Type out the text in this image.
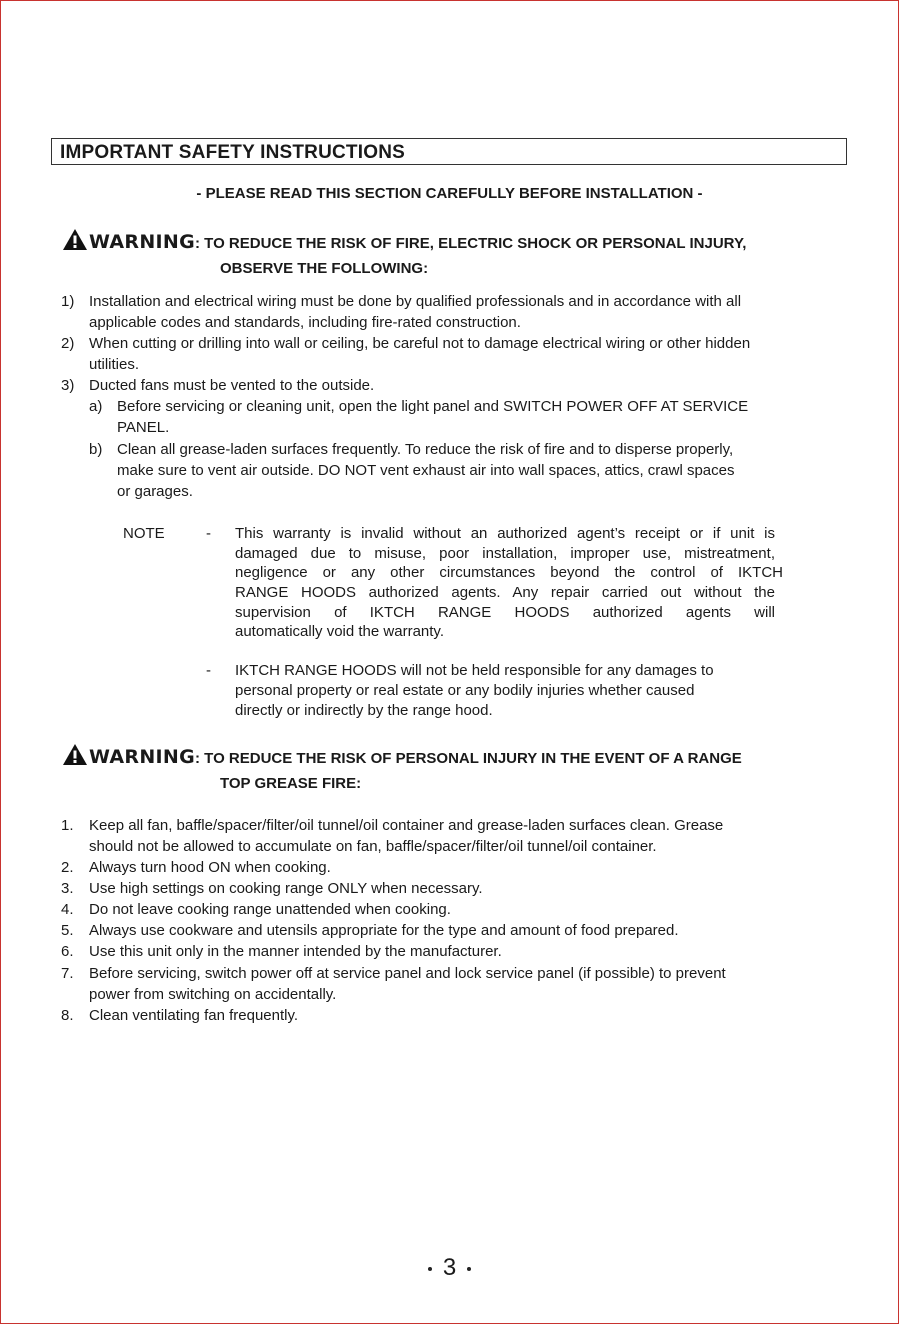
IMPORTANT SAFETY INSTRUCTIONS
- PLEASE READ THIS SECTION CAREFULLY BEFORE INSTALLATION -
WARNING: TO REDUCE THE RISK OF FIRE, ELECTRIC SHOCK OR PERSONAL INJURY,
OBSERVE THE FOLLOWING:
1) Installation and electrical wiring must be done by qualified professionals and in accordance with all
applicable codes and standards, including fire-rated construction.
2) When cutting or drilling into wall or ceiling, be careful not to damage electrical wiring or other hidden
utilities.
3) Ducted fans must be vented to the outside.
a) Before servicing or cleaning unit, open the light panel and SWITCH POWER OFF AT SERVICE
PANEL.
b) Clean all grease-laden surfaces frequently. To reduce the risk of fire and to disperse properly,
make sure to vent air outside. DO NOT vent exhaust air into wall spaces, attics, crawl spaces
or garages.
NOTE	- This warranty is invalid without an authorized agent’s receipt or if unit is
damaged due to misuse, poor installation, improper use, mistreatment,
negligence or any other circumstances beyond the control of IKTCH
RANGE HOODS authorized agents. Any repair carried out without the
supervision of IKTCH RANGE HOODS authorized agents will
automatically void the warranty.
- IKTCH RANGE HOODS will not be held responsible for any damages to
personal property or real estate or any bodily injuries whether caused
directly or indirectly by the range hood.
WARNING: TO REDUCE THE RISK OF PERSONAL INJURY IN THE EVENT OF A RANGE
TOP GREASE FIRE:
1. Keep all fan, baffle/spacer/filter/oil tunnel/oil container and grease-laden surfaces clean. Grease
should not be allowed to accumulate on fan, baffle/spacer/filter/oil tunnel/oil container.
2. Always turn hood ON when cooking.
3. Use high settings on cooking range ONLY when necessary.
4. Do not leave cooking range unattended when cooking.
5. Always use cookware and utensils appropriate for the type and amount of food prepared.
6. Use this unit only in the manner intended by the manufacturer.
7. Before servicing, switch power off at service panel and lock service panel (if possible) to prevent
power from switching on accidentally.
8. Clean ventilating fan frequently.
3
